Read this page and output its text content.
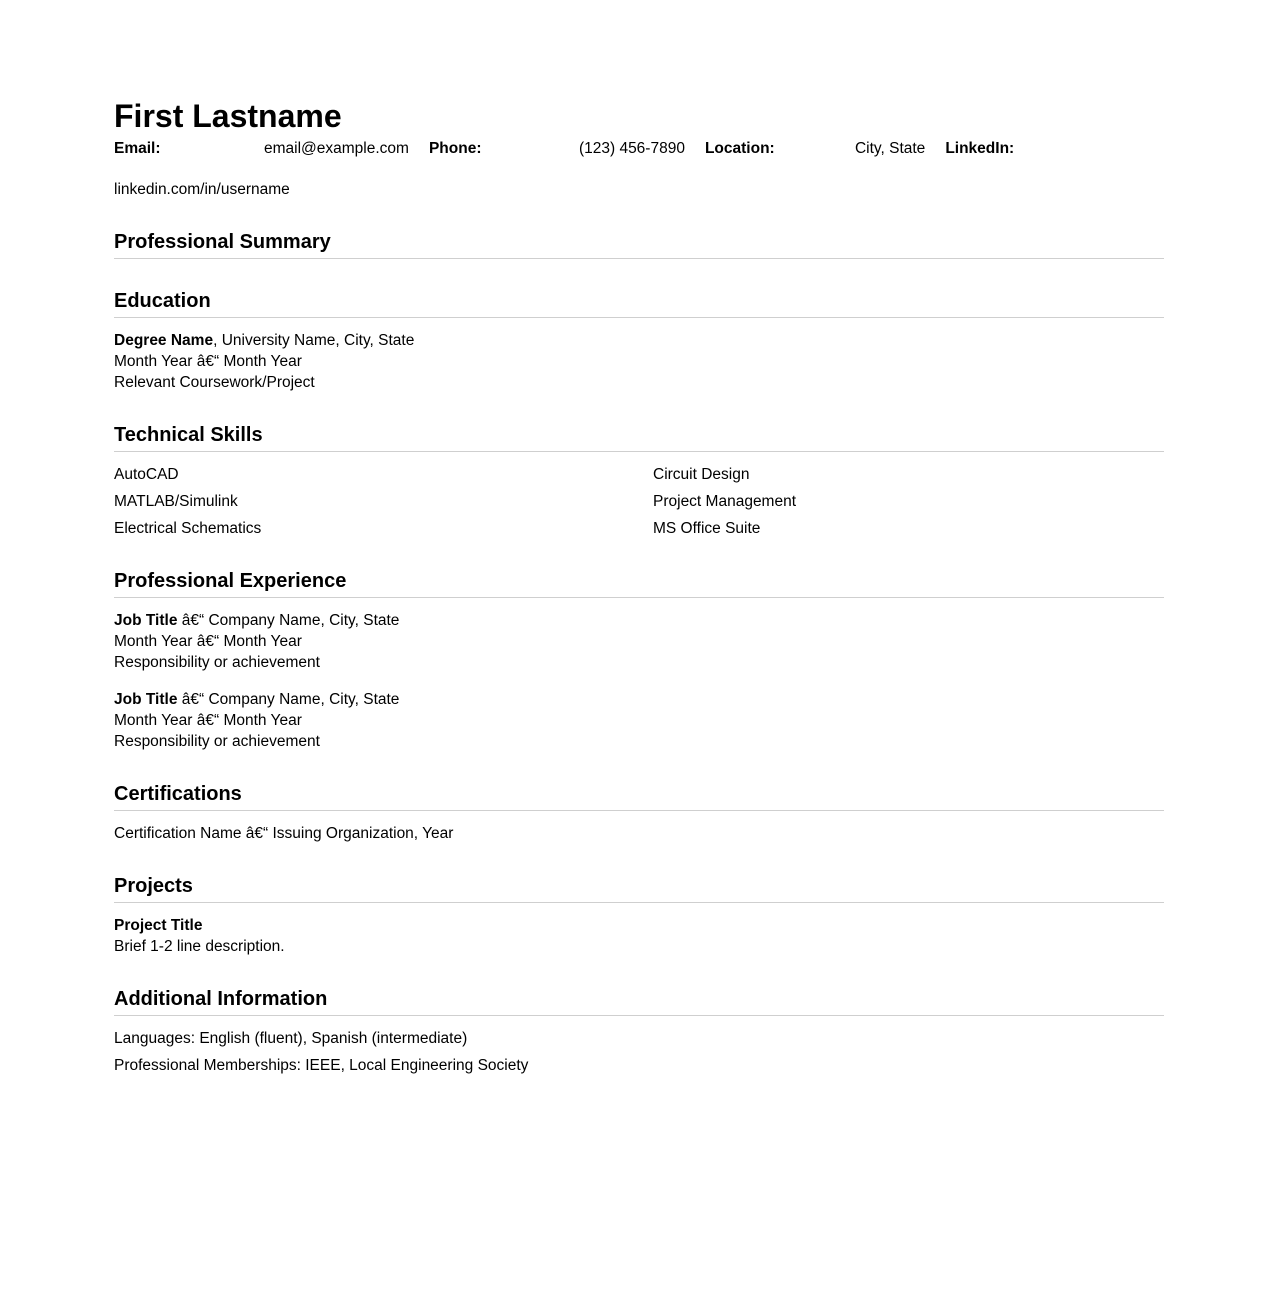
First Lastname
Email:	email@example.com Phone:	(123) 456-7890 Location:	City, State LinkedIn:
linkedin.com/in/username
Professional Summary
Education
Degree Name, University Name, City, State
Month Year â€“ Month Year
Relevant Coursework/Project
Technical Skills
AutoCAD	Circuit Design
MATLAB/Simulink	Project Management
Electrical Schematics	MS Office Suite
Professional Experience
Job Title â€“ Company Name, City, State
Month Year â€“ Month Year
Responsibility or achievement
Job Title â€“ Company Name, City, State
Month Year â€“ Month Year
Responsibility or achievement
Certifications
Certification Name â€“ Issuing Organization, Year
Projects
Project Title
Brief 1-2 line description.
Additional Information
Languages: English (fluent), Spanish (intermediate)
Professional Memberships: IEEE, Local Engineering Society
